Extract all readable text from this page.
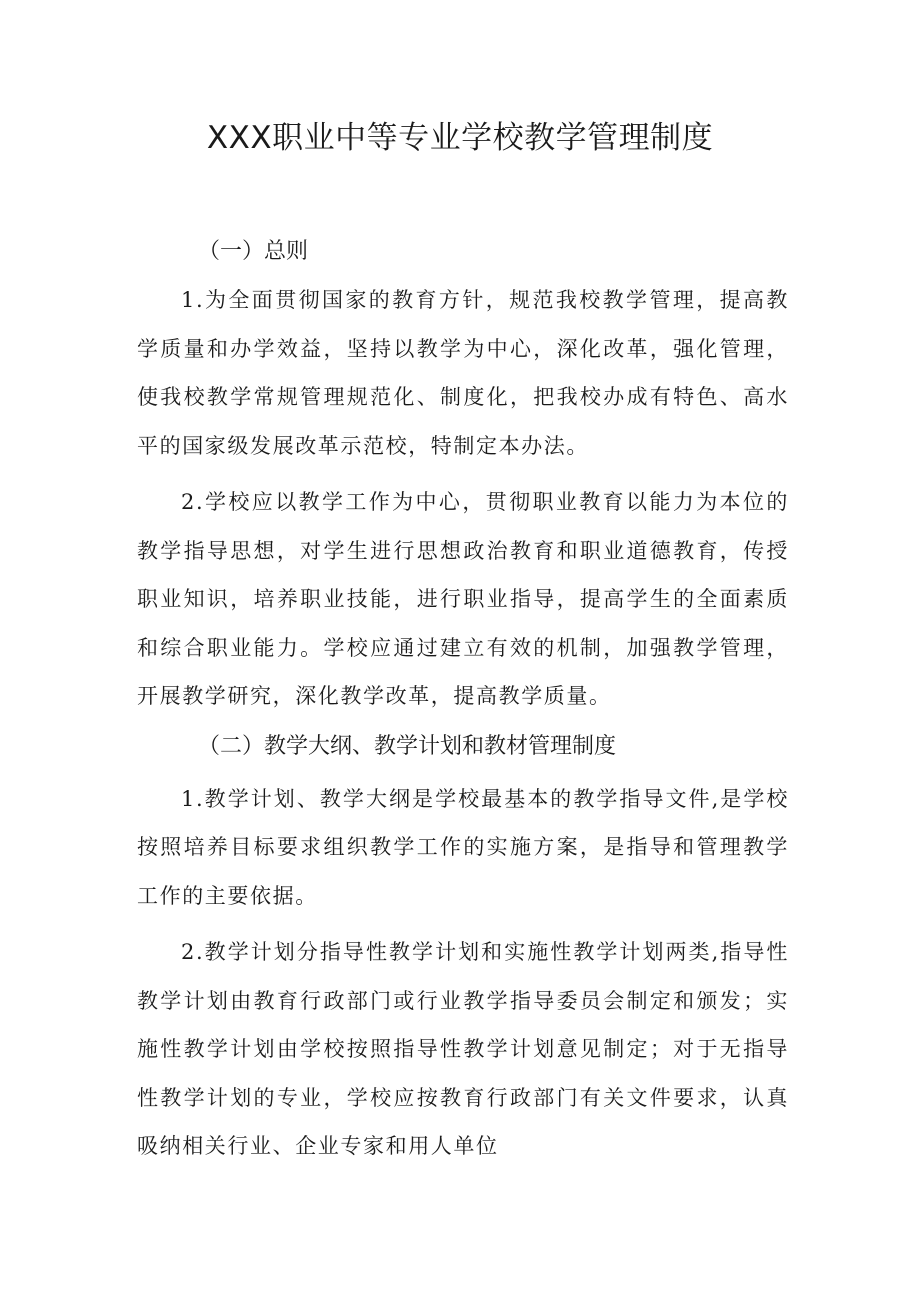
XXX职业中等专业学校教学管理制度
（一）总则

1.为全面贯彻国家的教育方针，规范我校教学管理，提高教学质量和办学效益，坚持以教学为中心，深化改革，强化管理，使我校教学常规管理规范化、制度化，把我校办成有特色、高水平的国家级发展改革示范校，特制定本办法。

2.学校应以教学工作为中心，贯彻职业教育以能力为本位的教学指导思想，对学生进行思想政治教育和职业道德教育，传授职业知识，培养职业技能，进行职业指导，提高学生的全面素质和综合职业能力。学校应通过建立有效的机制，加强教学管理，开展教学研究，深化教学改革，提高教学质量。

（二）教学大纲、教学计划和教材管理制度

1.教学计划、教学大纲是学校最基本的教学指导文件,是学校按照培养目标要求组织教学工作的实施方案，是指导和管理教学工作的主要依据。

2.教学计划分指导性教学计划和实施性教学计划两类,指导性教学计划由教育行政部门或行业教学指导委员会制定和颁发；实施性教学计划由学校按照指导性教学计划意见制定；对于无指导性教学计划的专业，学校应按教育行政部门有关文件要求，认真吸纳相关行业、企业专家和用人单位
